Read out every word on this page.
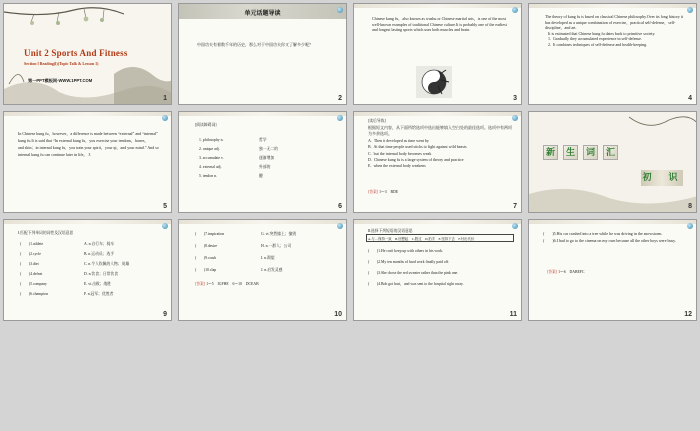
Unit 2 Sports And Fitness
Section Ⅰ Reading(Ⅰ)(Topic Talk & Lesson 1)
第一PPT模板网-WWW.1PPT.COM
1
单元话题导读
中国功夫有着数千年的历史，那么对于中国功夫你又了解多少呢？
2
Chinese kung fu，also known as wushu or Chinese martial arts，is one of the most well-known examples of traditional Chinese culture.It is probably one of the earliest and longest lasting sports which uses both muscles and brain.
3
The theory of kung fu is based on classical Chinese philosophy.Over its long history it has developed as a unique combination of exercise，practical self-defense，self-discipline，and art.
It is estimated that Chinese kung fu dates back to primitive society.
1.  Gradually they accumulated experience in self-defense.
2.  It combines techniques of self-defense and health-keeping.
4
In Chinese kung fu，however，a difference is made between “external” and “internal” kung fu.It is said that “In external kung fu，you exercise your tendons，bones，
and skin；in internal kung fu，you train your spirit，your qi，and your mind.” And so internal kung fu can continue later in life。 3
5
[阅读障碍词]
1. philosophy n.	哲学
2. unique adj.	独一无二的
3. accumulate v.	逐渐增加
4. external adj.	外部的
5. tendon n.	腱
6
[读后导练]
根据短文内容，从下面所给选项中选出能够填入空白处的最佳选项。选项中有两项为多余选项。
A.  Then it developed as time went by
B.  At that time people used sticks to fight against wild beasts
C.  but the internal body becomes weak
D.  Chinese kung fu is a large system of theory and practice
E.  when the external body weakens
[答案] 1～3　BDE
7
新	生	词	汇
初　识
8
Ⅰ.匹配下列单词的词性及汉语意思
(　　)1.athlete	A. n.自行车；骑车
(　　)2.cycle	B. n.运动员；选手
(　　)3.diet	C. n.令人钦佩的人物；英雄
(　　)4.defeat	D. n.饮食；日常饮食
(　　)5.company	E. vt.击败；战胜
(　　)6.champion	F. n.冠军；优胜者
9
(　　)7.inspiration	G. vt.突然撞上；撞毁
(　　)8.desire	H. n.一群人；公司
(　　)9.crash	I. n.渴望
(　　)10.clap	J. n.启发灵感
[答案] 1～5　IGFHE　6～10　DCEAB
10
Ⅱ.选择下列短语的汉语意思
A.与…保持一致　B.回想起　C.胜过　D.拍手　E.坚持下去　F.付出代价
(　　)1.He can't keep up with others in his work.
(　　)2.My ten months of hard work finally paid off.
(　　)3.She chose the red sweater rather than the pink one.
(　　)4.Bob got hurt，and was sent to the hospital right away.
11
(　　)5.His car crashed into a tree while he was driving in the snowstorm.
(　　)6.I had to go to the cinema on my own because all the other boys were busy.
[答案] 1～6　DABEFC
12
